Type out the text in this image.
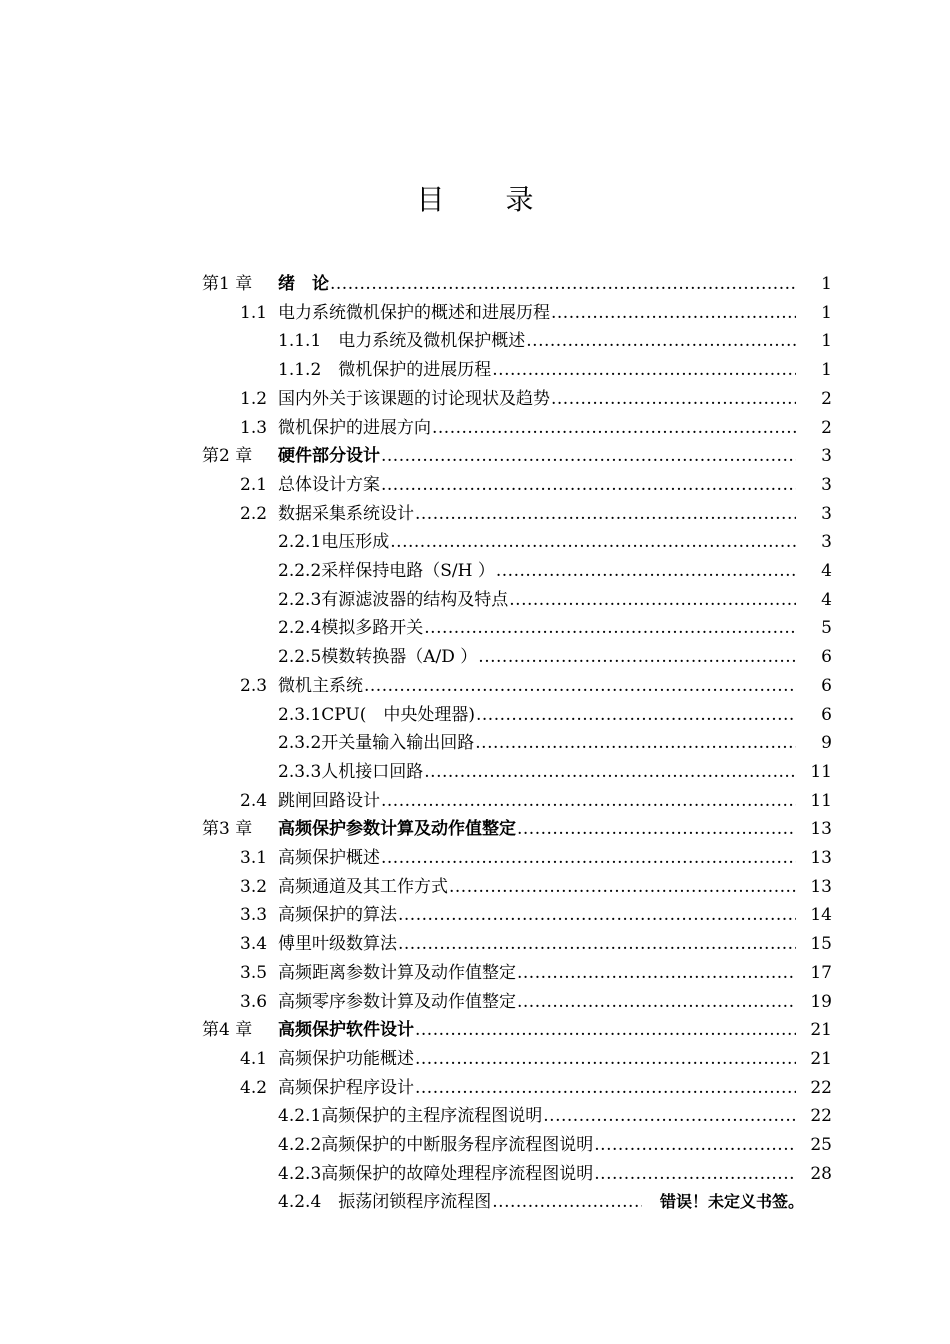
目 录
第1 章 绪　论 .....	1
1.1 电力系统微机保护的概述和进展历程 .....	1
1.1.1　电力系统及微机保护概述 .....	1
1.1.2　微机保护的进展历程 .....	1
1.2 国内外关于该课题的讨论现状及趋势 .....	2
1.3 微机保护的进展方向 .....	2
第2 章 硬件部分设计 .....	3
2.1 总体设计方案 .....	3
2.2 数据采集系统设计 .....	3
2.2.1电压形成 .....	3
2.2.2采样保持电路（S/H ） .....	4
2.2.3有源滤波器的结构及特点 .....	4
2.2.4模拟多路开关 .....	5
2.2.5模数转换器（A/D ） .....	6
2.3 微机主系统 .....	6
2.3.1CPU(　中央处理器) .....	6
2.3.2开关量输入输出回路 .....	9
2.3.3人机接口回路 .....	11
2.4 跳闸回路设计 .....	11
第3 章 高频保护参数计算及动作值整定 .....	13
3.1 高频保护概述 .....	13
3.2 高频通道及其工作方式 .....	13
3.3 高频保护的算法 .....	14
3.4 傅里叶级数算法 .....	15
3.5 高频距离参数计算及动作值整定 .....	17
3.6 高频零序参数计算及动作值整定 .....	19
第4 章 高频保护软件设计 .....	21
4.1 高频保护功能概述 .....	21
4.2 高频保护程序设计 .....	22
4.2.1高频保护的主程序流程图说明 .....	22
4.2.2高频保护的中断服务程序流程图说明 .....	25
4.2.3高频保护的故障处理程序流程图说明 .....	28
4.2.4　振荡闭锁程序流程图 .....	错误！未定义书签。
